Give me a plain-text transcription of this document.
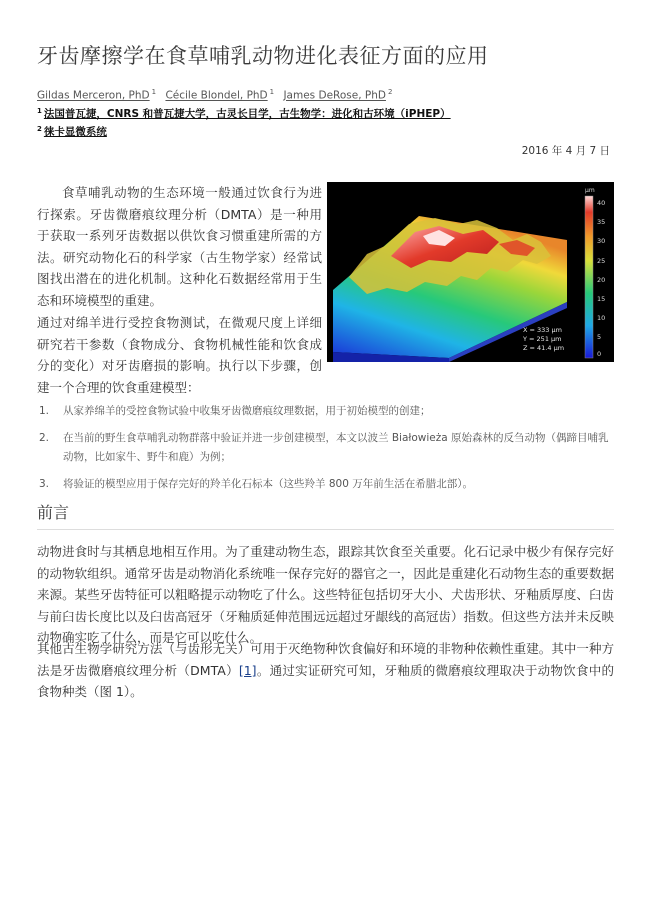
牙齿摩擦学在食草哺乳动物进化表征方面的应用
Gildas Merceron, PhD $^1$ Cécile Blondel, PhD $^1$ James DeRose, PhD $^2$
$^1$ 法国普瓦捷，CNRS 和普瓦捷大学，古灵长目学，古生物学：进化和古环境（iPHEP）
$^2$ 徕卡显微系统
2016 年 4 月 7 日
食草哺乳动物的生态环境一般通过饮食行为进行探索。牙齿微磨痕纹理分析（DMTA）是一种用于获取一系列牙齿数据以供饮食习惯重建所需的方法。研究动物化石的科学家（古生物学家）经常试图找出潜在的进化机制。这种化石数据经常用于生态和环境模型的重建。
通过对绵羊进行受控食物测试，在微观尺度上详细研究若干参数（食物成分、食物机械性能和饮食成分的变化）对牙齿磨损的影响。执行以下步骤，创建一个合理的饮食重建模型：
µm
40
35
30
25
20
15
10
5
0
X = 333 µm
Y = 251 µm
Z = 41.4 µm
1. 从家养绵羊的受控食物试验中收集牙齿微磨痕纹理数据，用于初始模型的创建；
2. 在当前的野生食草哺乳动物群落中验证并进一步创建模型，本文以波兰 Białowieża 原始森林的反刍动物（偶蹄目哺乳动物，比如家牛、野牛和鹿）为例；
3. 将验证的模型应用于保存完好的羚羊化石标本（这些羚羊 800 万年前生活在希腊北部）。
前言
动物进食时与其栖息地相互作用。为了重建动物生态，跟踪其饮食至关重要。化石记录中极少有保存完好的动物软组织。通常牙齿是动物消化系统唯一保存完好的器官之一，因此是重建化石动物生态的重要数据来源。某些牙齿特征可以粗略提示动物吃了什么。这些特征包括切牙大小、犬齿形状、牙釉质厚度、臼齿与前臼齿长度比以及臼齿高冠牙（牙釉质延伸范围远远超过牙龈线的高冠齿）指数。但这些方法并未反映动物确实吃了什么，而是它可以吃什么。
其他古生物学研究方法（与齿形无关）可用于灭绝物种饮食偏好和环境的非物种依赖性重建。其中一种方法是牙齿微磨痕纹理分析（DMTA）[1]。通过实证研究可知，牙釉质的微磨痕纹理取决于动物饮食中的食物种类（图 1）。
